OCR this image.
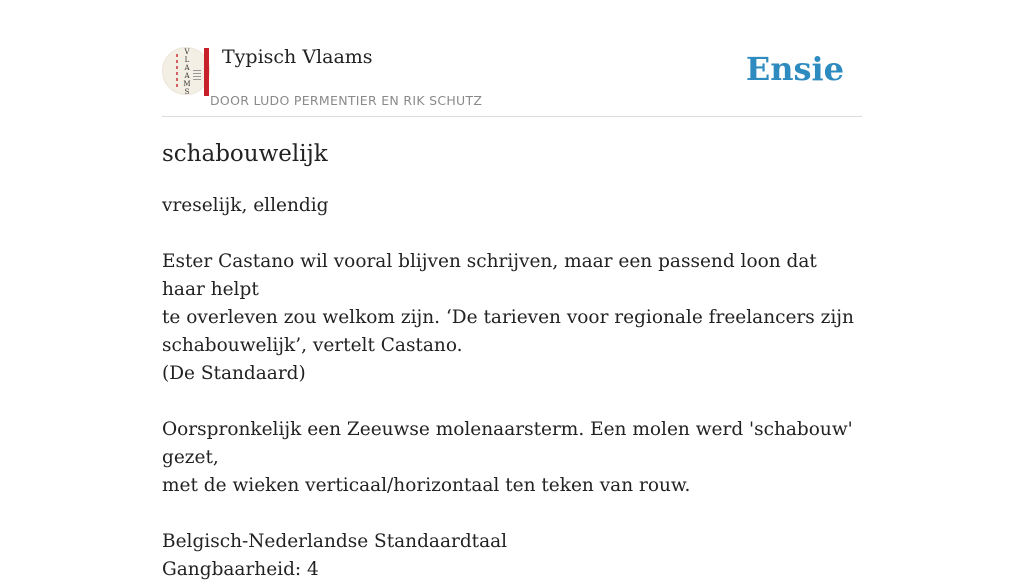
V
L
A
A
M
S
Typisch Vlaams
DOOR LUDO PERMENTIER EN RIK SCHUTZ
Ensie
schabouwelijk

vreselijk, ellendig

Ester Castano wil vooral blijven schrijven, maar een passend loon dat haar helpt

te overleven zou welkom zijn. ‘De tarieven voor regionale freelancers zijn

schabouwelijk’, vertelt Castano.

(De Standaard)

Oorspronkelijk een Zeeuwse molenaarsterm. Een molen werd 'schabouw' gezet,

met de wieken verticaal/horizontaal ten teken van rouw.

Belgisch-Nederlandse Standaardtaal

Gangbaarheid: 4
